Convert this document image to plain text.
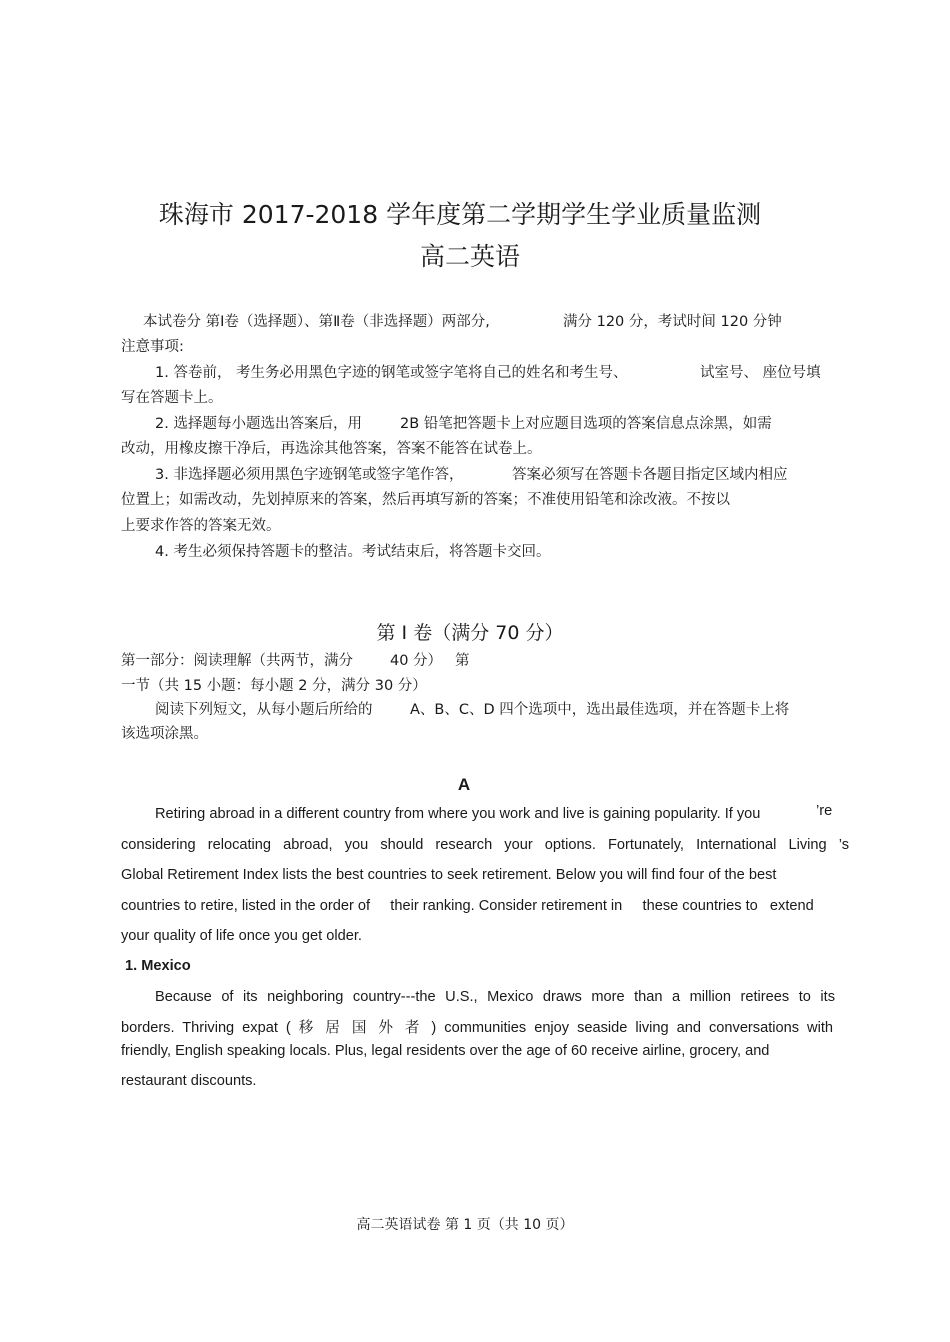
珠海市 2017-2018 学年度第二学期学生学业质量监测
高二英语
本试卷分 第Ⅰ卷（选择题）、第Ⅱ卷（非选择题）两部分,	满分 120 分，考试时间 120 分钟
注意事项:
1. 答卷前， 考生务必用黑色字迹的钢笔或签字笔将自己的姓名和考生号、	试室号、 座位号填
写在答题卡上。
2. 选择题每小题选出答案后，用	2B 铅笔把答题卡上对应题目选项的答案信息点涂黑，如需
改动，用橡皮擦干净后，再选涂其他答案，答案不能答在试卷上。
3. 非选择题必须用黑色字迹钢笔或签字笔作答，	答案必须写在答题卡各题目指定区域内相应
位置上；如需改动，先划掉原来的答案，然后再填写新的答案；不准使用铅笔和涂改液。不按以
上要求作答的答案无效。
4. 考生必须保持答题卡的整洁。考试结束后，将答题卡交回。
第 Ⅰ 卷（满分 70 分）
第一部分：阅读理解（共两节，满分	40 分） 第
一节（共 15 小题：每小题 2 分，满分 30 分）
阅读下列短文，从每小题后所给的	A、B、C、D 四个选项中，选出最佳选项，并在答题卡上将
该选项涂黑。
A
Retiring abroad in a different country from where you work and live is gaining popularity. If you	’re
considering relocating abroad, you should research your options. Fortunately, International Living ’s
Global Retirement Index lists the best countries to seek retirement. Below you will find four of the best
countries to retire, listed in the order of     their ranking. Consider retirement in     these countries to   extend
your quality of life once you get older.
1. Mexico
Because of its neighboring country---the U.S., Mexico draws more than a million retirees to its
borders. Thriving expat ( 移 居 国 外 者 ) communities enjoy seaside living and conversations with
friendly, English speaking locals. Plus, legal residents over the age of 60 receive airline, grocery, and
restaurant discounts.
高二英语试卷 第 1 页（共 10 页）
